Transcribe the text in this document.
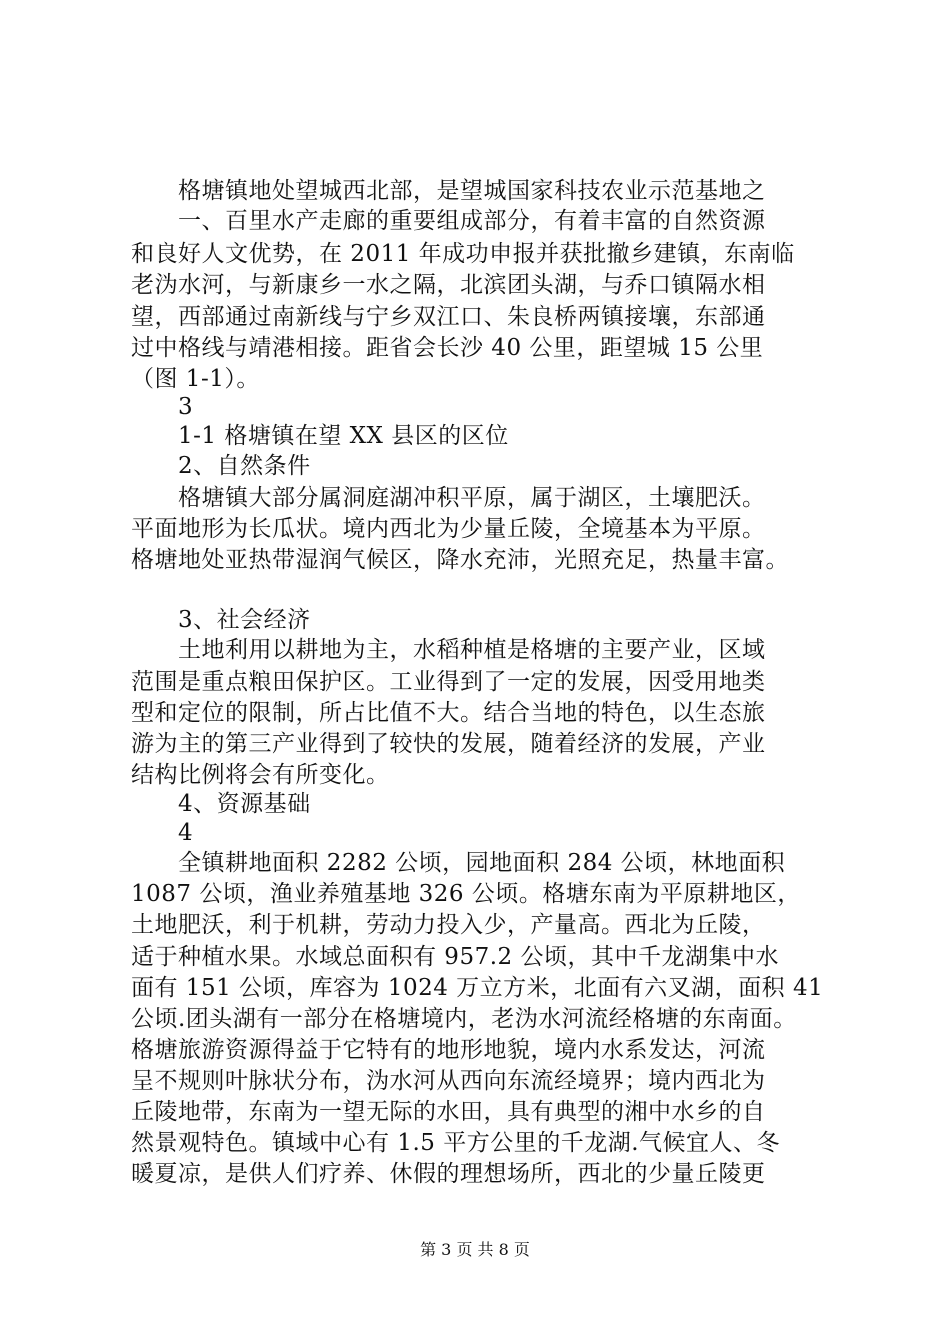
　　格塘镇地处望城西北部，是望城国家科技农业示范基地之
　　一、百里水产走廊的重要组成部分，有着丰富的自然资源
和良好人文优势，在 2011 年成功申报并获批撤乡建镇，东南临
老沩水河，与新康乡一水之隔，北滨团头湖，与乔口镇隔水相
望，西部通过南新线与宁乡双江口、朱良桥两镇接壤，东部通
过中格线与靖港相接。距省会长沙 40 公里，距望城 15 公里
（图 1-1）。
　　3
　　1-1 格塘镇在望 XX 县区的区位
　　2、自然条件
　　格塘镇大部分属洞庭湖冲积平原，属于湖区，土壤肥沃。
平面地形为长瓜状。境内西北为少量丘陵，全境基本为平原。
格塘地处亚热带湿润气候区，降水充沛，光照充足，热量丰富。
　　3、社会经济
　　土地利用以耕地为主，水稻种植是格塘的主要产业，区域
范围是重点粮田保护区。工业得到了一定的发展，因受用地类
型和定位的限制，所占比值不大。结合当地的特色，以生态旅
游为主的第三产业得到了较快的发展，随着经济的发展，产业
结构比例将会有所变化。
　　4、资源基础
　　4
　　全镇耕地面积 2282 公顷，园地面积 284 公顷，林地面积
1087 公顷，渔业养殖基地 326 公顷。格塘东南为平原耕地区，
土地肥沃，利于机耕，劳动力投入少，产量高。西北为丘陵，
适于种植水果。水域总面积有 957.2 公顷，其中千龙湖集中水
面有 151 公顷，库容为 1024 万立方米，北面有六叉湖，面积 41
公顷.团头湖有一部分在格塘境内，老沩水河流经格塘的东南面。
格塘旅游资源得益于它特有的地形地貌，境内水系发达，河流
呈不规则叶脉状分布，沩水河从西向东流经境界；境内西北为
丘陵地带，东南为一望无际的水田，具有典型的湘中水乡的自
然景观特色。镇域中心有 1.5 平方公里的千龙湖.气候宜人、冬
暖夏凉，是供人们疗养、休假的理想场所，西北的少量丘陵更
第 3 页 共 8 页
